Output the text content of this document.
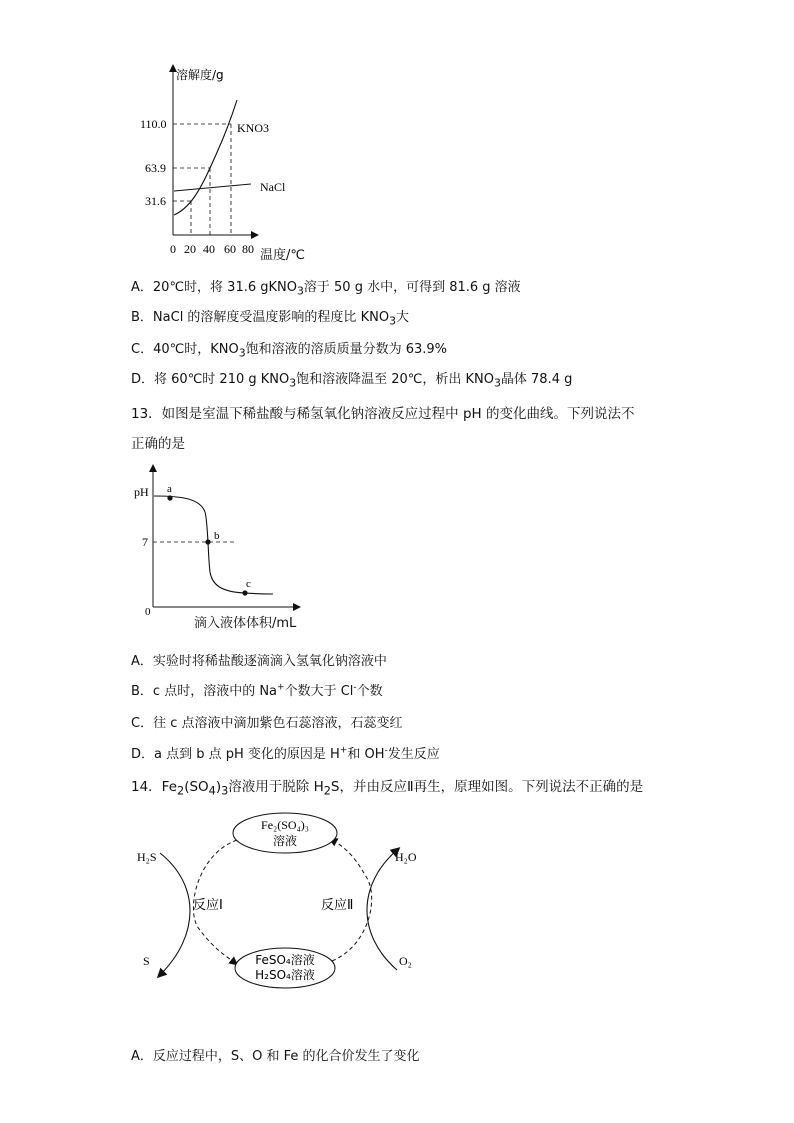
溶解度/g
110.0
63.9
31.6
0 20 40 60 80
KNO3
NaCl
温度/℃
A．20℃时，将 31.6 gKNO$_3$溶于 50 g 水中，可得到 81.6 g 溶液
B．NaCl 的溶解度受温度影响的程度比 $KNO_3$大
C．40℃时，$KNO_3$饱和溶液的溶质质量分数为 63.9%
D．将 60℃时 210 g $KNO_3$饱和溶液降温至 20℃，析出 $KNO_3$晶体 78.4 g
13．如图是室温下稀盐酸与稀氢氧化钠溶液反应过程中 pH 的变化曲线。下列说法不
正确的是
a
b
c
pH
7
0
滴入液体体积/mL
A．实验时将稀盐酸逐滴滴入氢氧化钠溶液中
B．c 点时，溶液中的 Na+个数大于 Cl-个数
C．往 c 点溶液中滴加紫色石蕊溶液，石蕊变红
D．a 点到 b 点 pH 变化的原因是 H+和 OH-发生反应
14．$Fe_2(SO_4)_3$溶液用于脱除 $H_2S$，并由反应Ⅱ再生，原理如图。下列说法不正确的是
Fe₂(SO₄)₃
溶液
FeSO₄溶液
H₂SO₄溶液
H₂S
S	O₂
H₂O
反应Ⅰ	反应Ⅱ
A．反应过程中，S、O 和 Fe 的化合价发生了变化
